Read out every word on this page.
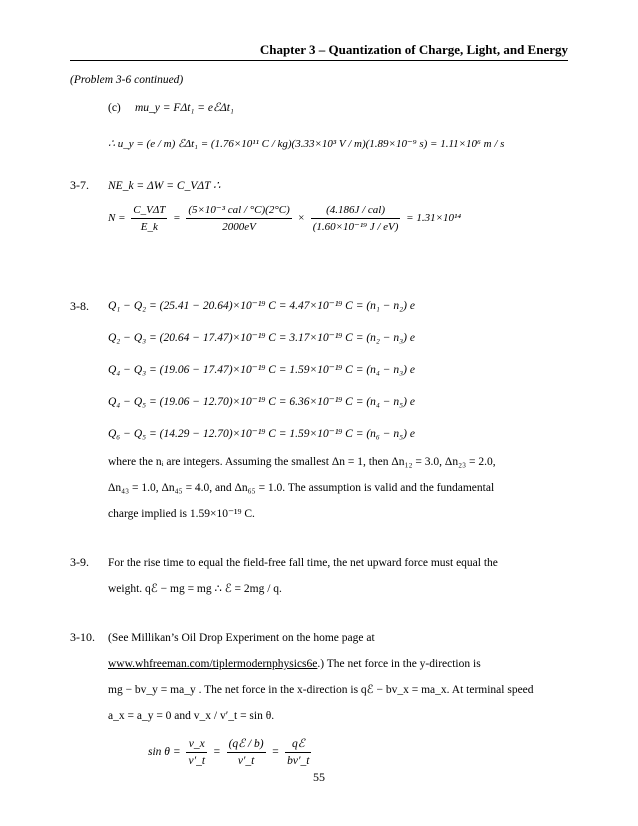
Chapter 3 – Quantization of Charge, Light, and Energy
(Problem 3-6 continued)
(c) mu_y = FΔt₁ = eℰΔt₁
∴ u_y = (e / m) ℰΔt₁ = (1.76×10¹¹ C / kg)(3.33×10³ V / m)(1.89×10⁻⁹ s) = 1.11×10⁶ m / s
3-7. NE_k = ΔW = C_VΔT ∴
$N = \frac{\text{C\_VΔT}}{E\_k} = \frac{\text{(5×10⁻³ cal / °C)(2°C)}}{2000eV} \times \frac{\text{(4.186J / cal)}}{\text{(1.60×10⁻¹⁹ J / eV)}} = 1.31\times 10^{14}$
3-8. Q₁ − Q₂ = (25.41 − 20.64)×10⁻¹⁹ C = 4.47×10⁻¹⁹ C = (n₁ − n₂) e
Q₂ − Q₃ = (20.64 − 17.47)×10⁻¹⁹ C = 3.17×10⁻¹⁹ C = (n₂ − n₃) e
Q₄ − Q₃ = (19.06 − 17.47)×10⁻¹⁹ C = 1.59×10⁻¹⁹ C = (n₄ − n₃) e
Q₄ − Q₅ = (19.06 − 12.70)×10⁻¹⁹ C = 6.36×10⁻¹⁹ C = (n₄ − n₅) e
Q₆ − Q₅ = (14.29 − 12.70)×10⁻¹⁹ C = 1.59×10⁻¹⁹ C = (n₆ − n₅) e
where the nᵢ are integers. Assuming the smallest Δn = 1, then Δn₁₂ = 3.0, Δn₂₃ = 2.0,
Δn₄₃ = 1.0, Δn₄₅ = 4.0, and Δn₆₅ = 1.0. The assumption is valid and the fundamental
charge implied is 1.59×10⁻¹⁹ C.
3-9. For the rise time to equal the field-free fall time, the net upward force must equal the
weight. qℰ − mg = mg ∴ ℰ = 2mg / q.
3-10. (See Millikan’s Oil Drop Experiment on the home page at
www.whfreeman.com/tiplermodernphysics6e.) The net force in the y-direction is
mg − bv_y = ma_y . The net force in the x-direction is qℰ − bv_x = ma_x. At terminal speed
a_x = a_y = 0 and v_x / v′_t = sin θ.
$\sin \theta = \frac{v\_x}{v'\_t} = \frac{\text{(qℰ / b)}}{v'\_t} = \frac{\text{qℰ}}{bv'\_t}$
55
